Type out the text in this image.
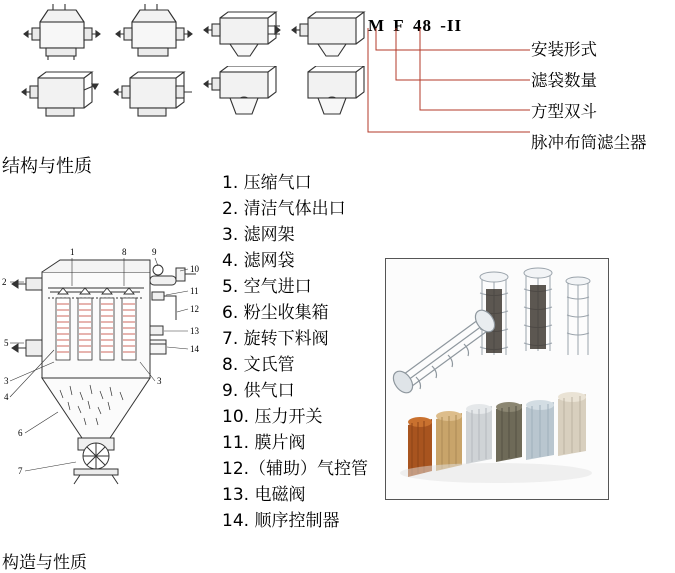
M F 48 -II
安装形式
滤袋数量
方型双斗
脉冲布筒滤尘器
结构与性质
1. 压缩气口
2. 清洁气体出口
3. 滤网架
4. 滤网袋
5. 空气进口
6. 粉尘收集箱
7. 旋转下料阀
8. 文氏管
9. 供气口
10. 压力开关
11. 膜片阀
12.（辅助）气控管
13. 电磁阀
14. 顺序控制器
1
2
5
3
4
3
6
7
8	9
10
11
12
13
14
构造与性质
